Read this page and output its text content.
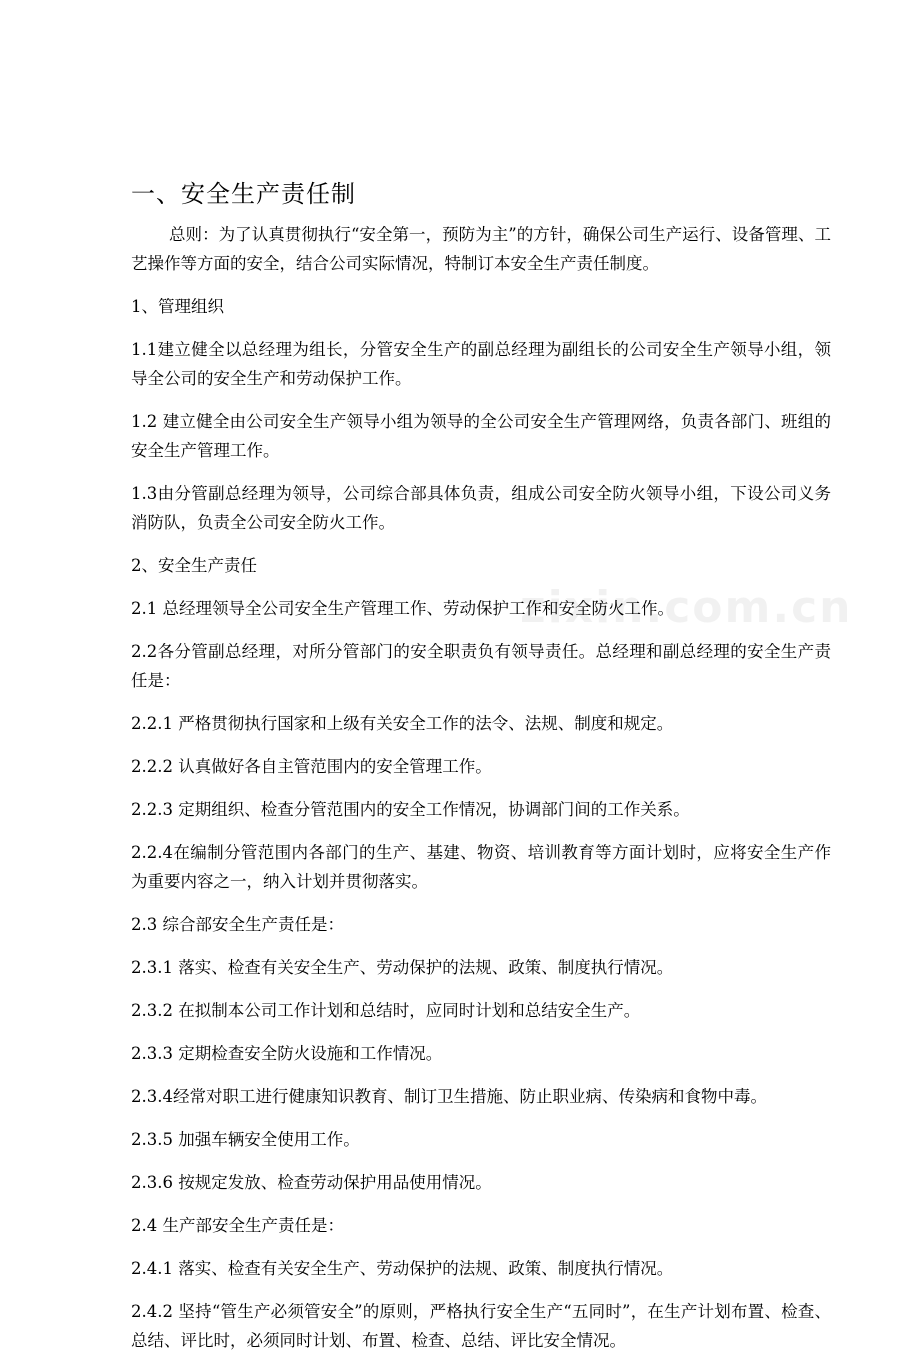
zixin.com.cn
一、安全生产责任制

总则：为了认真贯彻执行“安全第一，预防为主”的方针，确保公司生产运行、设备管理、工艺操作等方面的安全，结合公司实际情况，特制订本安全生产责任制度。

1、管理组织

1.1建立健全以总经理为组长，分管安全生产的副总经理为副组长的公司安全生产领导小组，领导全公司的安全生产和劳动保护工作。

1.2 建立健全由公司安全生产领导小组为领导的全公司安全生产管理网络，负责各部门、班组的安全生产管理工作。

1.3由分管副总经理为领导，公司综合部具体负责，组成公司安全防火领导小组，下设公司义务消防队，负责全公司安全防火工作。

2、安全生产责任

2.1 总经理领导全公司安全生产管理工作、劳动保护工作和安全防火工作。

2.2各分管副总经理，对所分管部门的安全职责负有领导责任。总经理和副总经理的安全生产责任是：

2.2.1 严格贯彻执行国家和上级有关安全工作的法令、法规、制度和规定。

2.2.2 认真做好各自主管范围内的安全管理工作。

2.2.3 定期组织、检查分管范围内的安全工作情况，协调部门间的工作关系。

2.2.4在编制分管范围内各部门的生产、基建、物资、培训教育等方面计划时，应将安全生产作为重要内容之一，纳入计划并贯彻落实。

2.3 综合部安全生产责任是：

2.3.1 落实、检查有关安全生产、劳动保护的法规、政策、制度执行情况。

2.3.2 在拟制本公司工作计划和总结时，应同时计划和总结安全生产。

2.3.3 定期检查安全防火设施和工作情况。

2.3.4经常对职工进行健康知识教育、制订卫生措施、防止职业病、传染病和食物中毒。

2.3.5 加强车辆安全使用工作。

2.3.6 按规定发放、检查劳动保护用品使用情况。

2.4 生产部安全生产责任是：

2.4.1 落实、检查有关安全生产、劳动保护的法规、政策、制度执行情况。

2.4.2 坚持“管生产必须管安全”的原则，严格执行安全生产“五同时”，在生产计划布置、检查、总结、评比时，必须同时计划、布置、检查、总结、评比安全情况。
